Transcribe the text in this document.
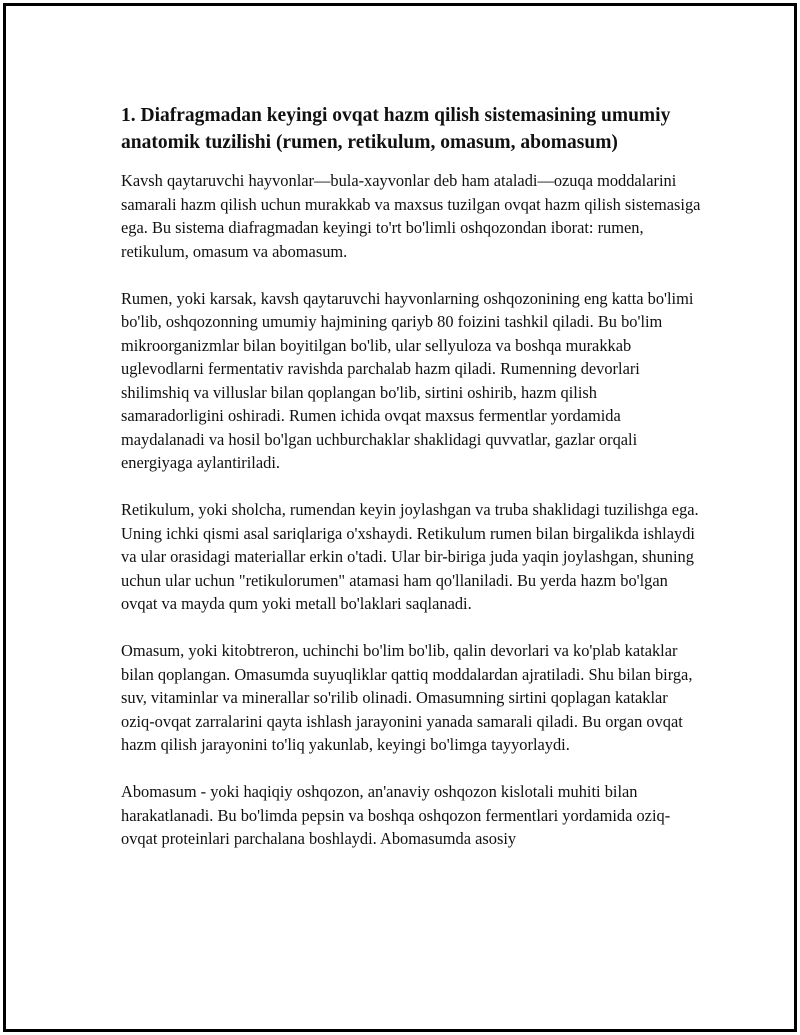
1. Diafragmadan keyingi ovqat hazm qilish sistemasining umumiy anatomik tuzilishi (rumen, retikulum, omasum, abomasum)

Kavsh qaytaruvchi hayvonlar—bula-xayvonlar deb ham ataladi—ozuqa moddalarini samarali hazm qilish uchun murakkab va maxsus tuzilgan ovqat hazm qilish sistemasiga ega. Bu sistema diafragmadan keyingi to'rt bo'limli oshqozondan iborat: rumen, retikulum, omasum va abomasum.

Rumen, yoki karsak, kavsh qaytaruvchi hayvonlarning oshqozonining eng katta bo'limi bo'lib, oshqozonning umumiy hajmining qariyb 80 foizini tashkil qiladi. Bu bo'lim mikroorganizmlar bilan boyitilgan bo'lib, ular sellyuloza va boshqa murakkab uglevodlarni fermentativ ravishda parchalab hazm qiladi. Rumenning devorlari shilimshiq va villuslar bilan qoplangan bo'lib, sirtini oshirib, hazm qilish samaradorligini oshiradi. Rumen ichida ovqat maxsus fermentlar yordamida maydalanadi va hosil bo'lgan uchburchaklar shaklidagi quvvatlar, gazlar orqali energiyaga aylantiriladi.

Retikulum, yoki sholcha, rumendan keyin joylashgan va truba shaklidagi tuzilishga ega. Uning ichki qismi asal sariqlariga o'xshaydi. Retikulum rumen bilan birgalikda ishlaydi va ular orasidagi materiallar erkin o'tadi. Ular bir-biriga juda yaqin joylashgan, shuning uchun ular uchun "retikulorumen" atamasi ham qo'llaniladi. Bu yerda hazm bo'lgan ovqat va mayda qum yoki metall bo'laklari saqlanadi.

Omasum, yoki kitobtreron, uchinchi bo'lim bo'lib, qalin devorlari va ko'plab kataklar bilan qoplangan. Omasumda suyuqliklar qattiq moddalardan ajratiladi. Shu bilan birga, suv, vitaminlar va minerallar so'rilib olinadi. Omasumning sirtini qoplagan kataklar oziq-ovqat zarralarini qayta ishlash jarayonini yanada samarali qiladi. Bu organ ovqat hazm qilish jarayonini to'liq yakunlab, keyingi bo'limga tayyorlaydi.

Abomasum - yoki haqiqiy oshqozon, an'anaviy oshqozon kislotali muhiti bilan harakatlanadi. Bu bo'limda pepsin va boshqa oshqozon fermentlari yordamida oziq-ovqat proteinlari parchalana boshlaydi. Abomasumda asosiy
